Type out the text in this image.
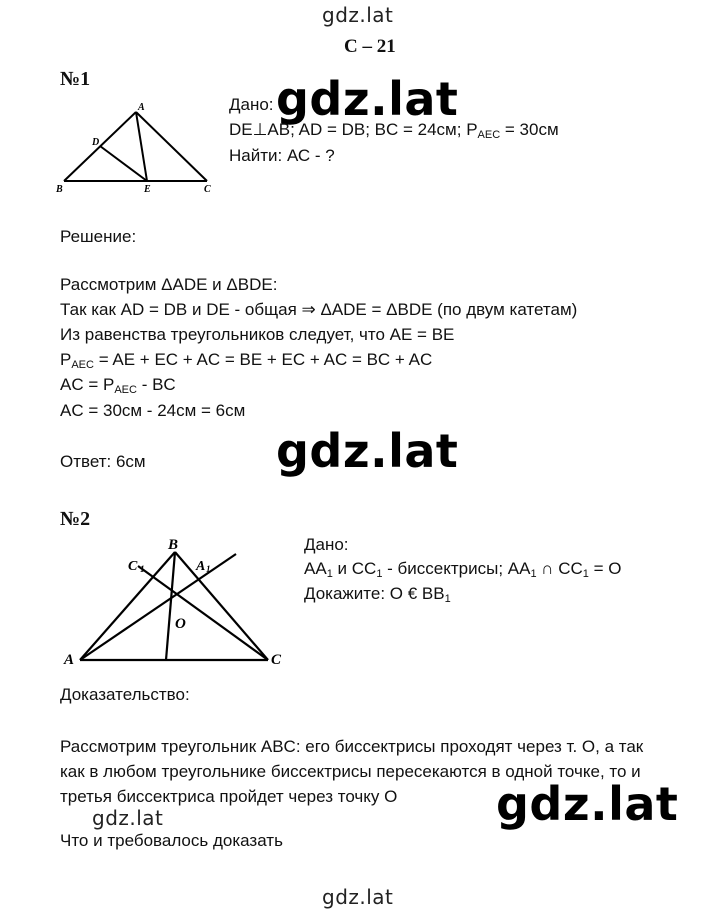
gdz.lat
С – 21
№1
A
D
B	E	C
Дано: gdz.lat
DE⊥AB; AD = DB; BC = 24см; $P_{AEC} = 30см$
Найти: АС - ?
Решение:
Рассмотрим ΔADE и ΔBDE:
Так как AD = DB и DE - общая ⇒ ΔADE = ΔBDE (по двум катетам)
Из равенства треугольников следует, что AE = BE
$P_{AEC}$ = AE + EC + AC = BE + EC + AC = BC + AC
AC = $P_{AEC}$ - BC
AC = 30см - 24см = 6см
gdz.lat
Ответ: 6см
№2
B
C 1	A 1
O
A	C
Дано:
$AA_1$ и $CC_1$ - биссектрисы; $AA_1$ ∩ $CC_1 = O$
Докажите: O € $BB_1$
Доказательство:
Рассмотрим треугольник ABC: его биссектрисы проходят через т. O, а так
как в любом треугольнике биссектрисы пересекаются в одной точке, то и
третья биссектриса пройдет через точку O gdz.lat
gdz.lat
Что и требовалось доказать
gdz.lat
